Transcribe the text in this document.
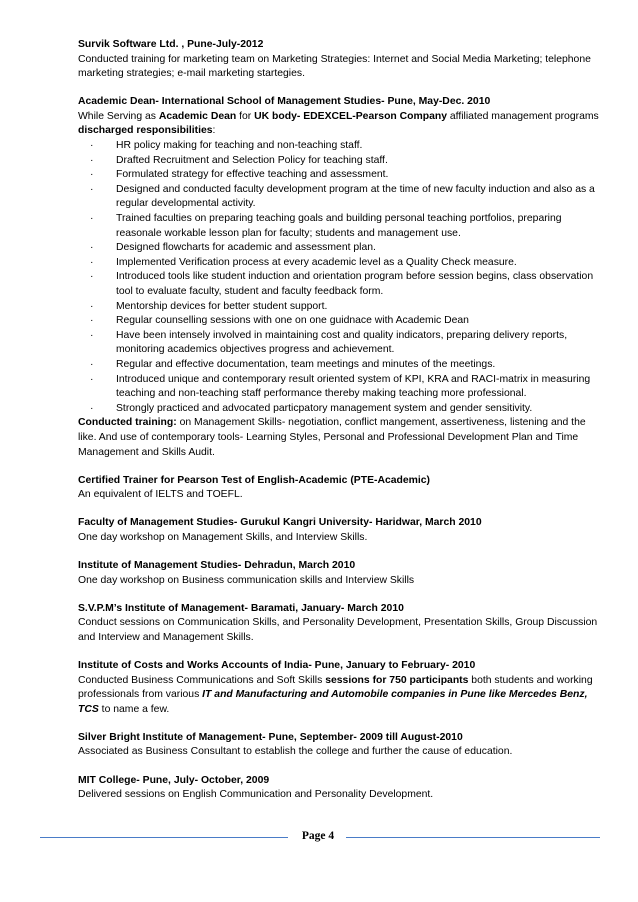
Survik Software Ltd. , Pune-July-2012
Conducted training for marketing team on Marketing Strategies: Internet and Social Media Marketing; telephone marketing strategies; e-mail marketing startegies.
Academic Dean- International School of Management Studies- Pune, May-Dec. 2010
While Serving as Academic Dean for UK body- EDEXCEL-Pearson Company affiliated management programs discharged responsibilities:
· HR policy making for teaching and non-teaching staff.
· Drafted Recruitment and Selection Policy for teaching staff.
· Formulated strategy for effective teaching and assessment.
· Designed and conducted faculty development program at the time of new faculty induction and also as a regular developmental activity.
· Trained faculties on preparing teaching goals and building personal teaching portfolios, preparing reasonale workable lesson plan for faculty; students and management use.
· Designed flowcharts for academic and assessment plan.
· Implemented Verification process at every academic level as a Quality Check measure.
· Introduced tools like student induction and orientation program before session begins, class observation tool to evaluate faculty, student and faculty feedback form.
· Mentorship devices for better student support.
· Regular counselling sessions with one on one guidnace with Academic Dean
· Have been intensely involved in maintaining cost and quality indicators, preparing delivery reports, monitoring academics objectives progress and achievement.
· Regular and effective documentation, team meetings and minutes of the meetings.
· Introduced unique and contemporary result oriented system of KPI, KRA and RACI-matrix in measuring teaching and non-teaching staff performance thereby making teaching more professional.
· Strongly practiced and advocated particpatory management system and gender sensitivity.
Conducted training: on Management Skills- negotiation, conflict mangement, assertiveness, listening and the like. And use of contemporary tools- Learning Styles, Personal and Professional Development Plan and Time Management and Skills Audit.
Certified Trainer for Pearson Test of English-Academic (PTE-Academic)
An equivalent of IELTS and TOEFL.
Faculty of Management Studies- Gurukul Kangri University- Haridwar, March 2010
One day workshop on Management Skills, and Interview Skills.
Institute of Management Studies- Dehradun, March 2010
One day workshop on Business communication skills and Interview Skills
S.V.P.M’s Institute of Management- Baramati, January- March 2010
Conduct sessions on Communication Skills, and Personality Development, Presentation Skills, Group Discussion and Interview and Management Skills.
Institute of Costs and Works Accounts of India- Pune, January to February- 2010
Conducted Business Communications and Soft Skills sessions for 750 participants both students and working professionals from various IT and Manufacturing and Automobile companies in Pune like Mercedes Benz, TCS to name a few.
Silver Bright Institute of Management- Pune, September- 2009 till August-2010
Associated as Business Consultant to establish the college and further the cause of education.
MIT College- Pune, July- October, 2009
Delivered sessions on English Communication and Personality Development.
Page 4
